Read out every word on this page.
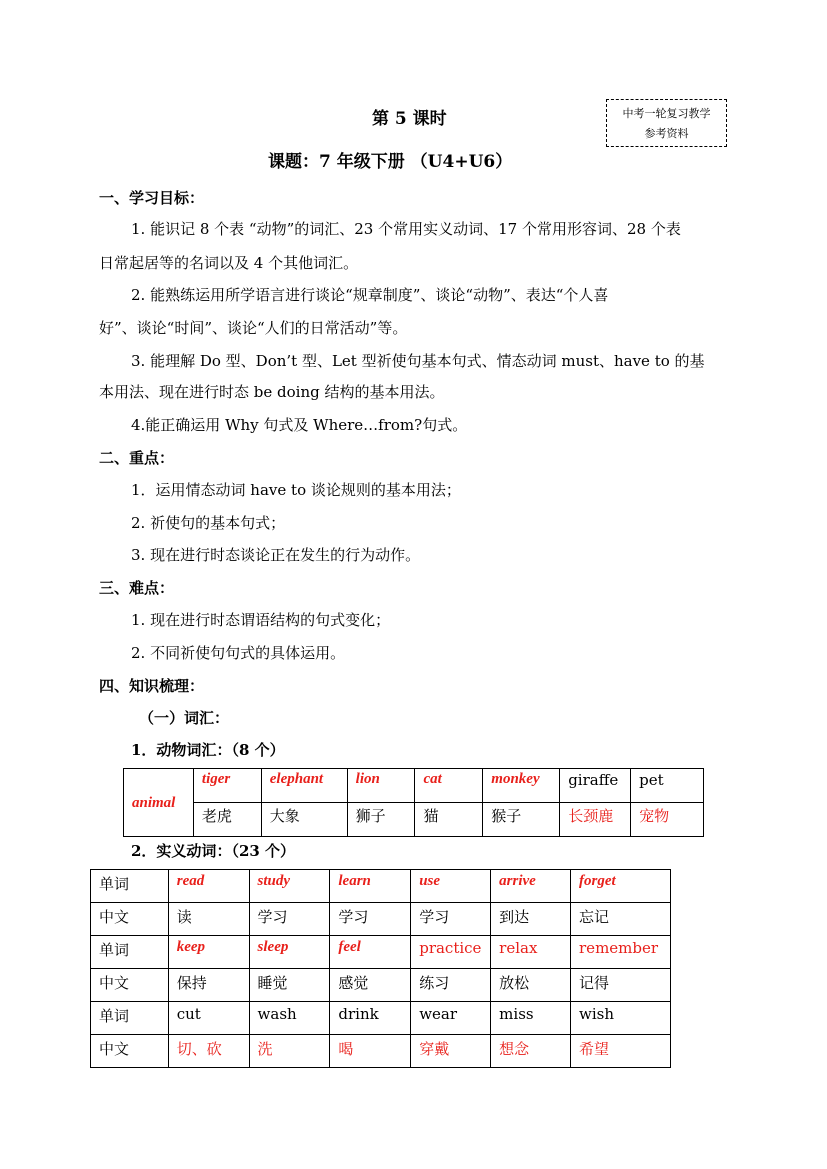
第 5 课时
课题：7 年级下册 （U4+U6）
中考一轮复习教学
参考资料
一、学习目标：
1. 能识记 8 个表 “动物”的词汇、23 个常用实义动词、17 个常用形容词、28 个表
日常起居等的名词以及 4 个其他词汇。
2. 能熟练运用所学语言进行谈论“规章制度”、谈论“动物”、表达“个人喜
好”、谈论“时间”、谈论“人们的日常活动”等。
3. 能理解 Do 型、Don’t 型、Let 型祈使句基本句式、情态动词 must、have to 的基
本用法、现在进行时态 be doing 结构的基本用法。
4.能正确运用 Why 句式及 Where…from?句式。
二、重点：
1．运用情态动词 have to 谈论规则的基本用法；
2. 祈使句的基本句式；
3. 现在进行时态谈论正在发生的行为动作。
三、难点：
1. 现在进行时态谓语结构的句式变化；
2. 不同祈使句句式的具体运用。
四、知识梳理：
（一）词汇：
1．动物词汇：（8 个）
animal	tiger	elephant	lion	cat	monkey	giraffe	pet
	老虎	大象	狮子	猫	猴子	长颈鹿	宠物
2．实义动词：（23 个）
单词	read	study	learn	use	arrive	forget
中文	读	学习	学习	学习	到达	忘记
单词	keep	sleep	feel	practice	relax	remember
中文	保持	睡觉	感觉	练习	放松	记得
单词	cut	wash	drink	wear	miss	wish
中文	切、砍	洗	喝	穿戴	想念	希望
